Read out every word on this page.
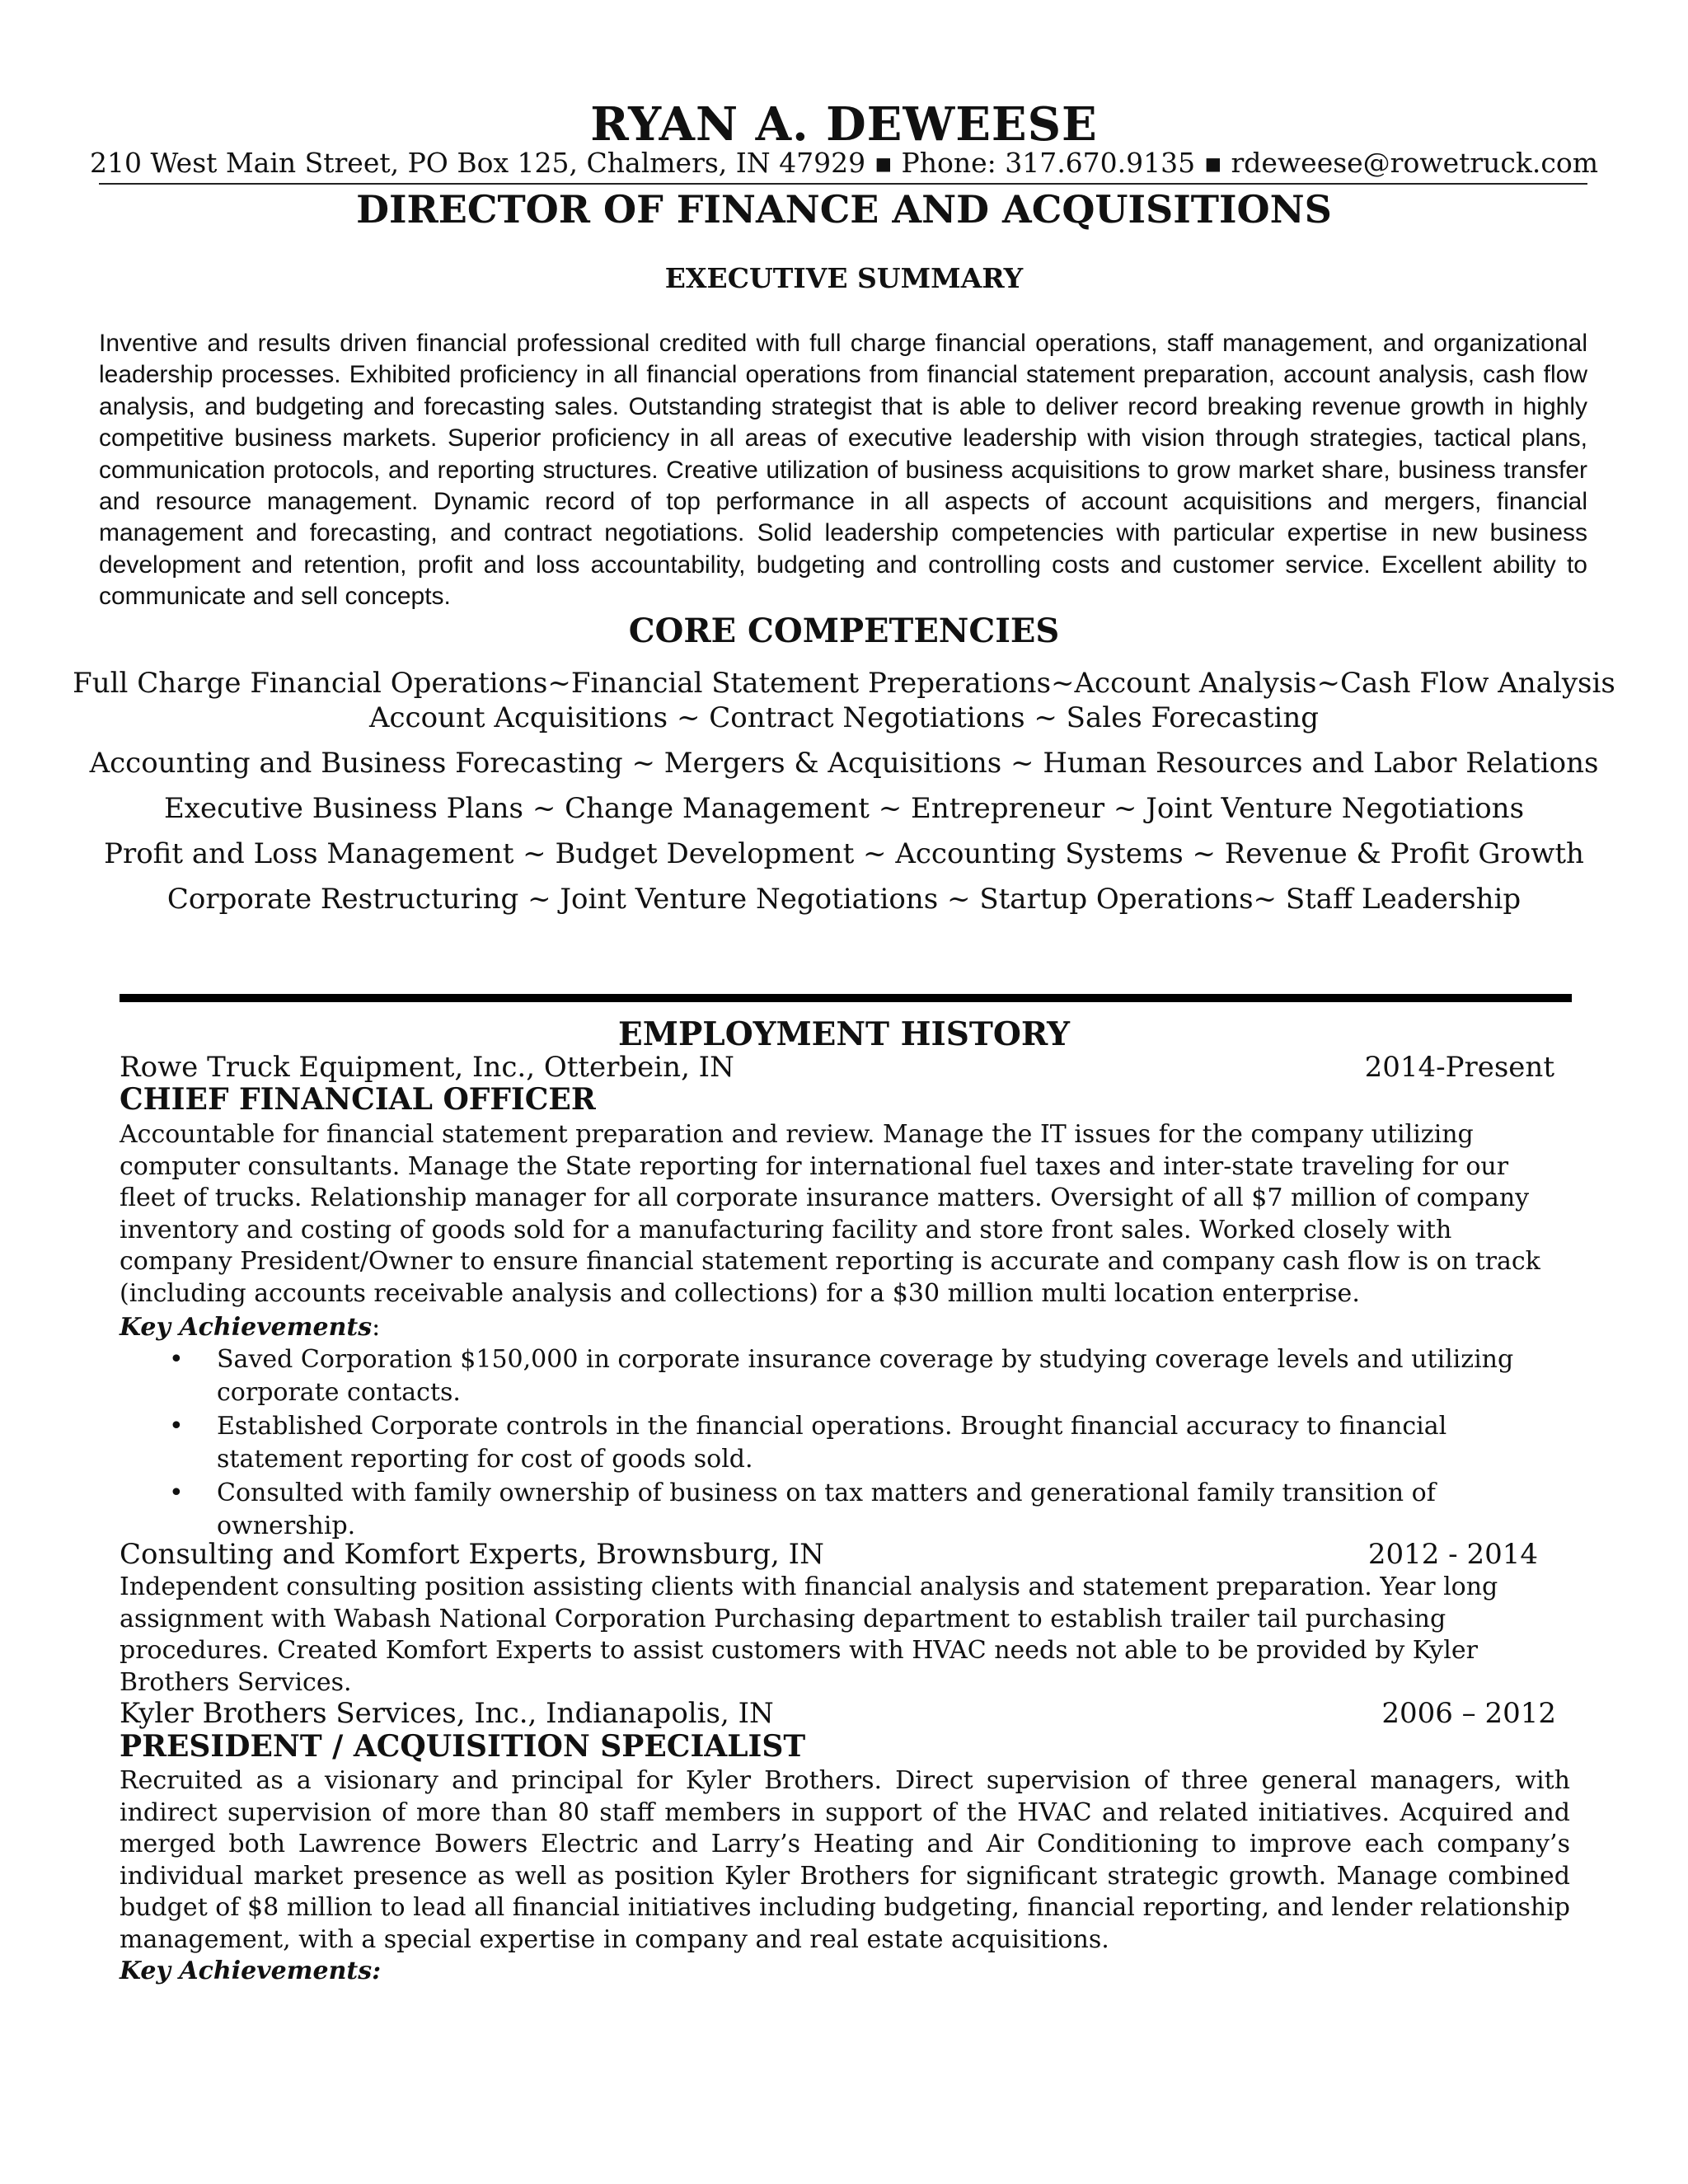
RYAN A. DEWEESE
210 West Main Street, PO Box 125, Chalmers, IN 47929 ▪ Phone: 317.670.9135 ▪ rdeweese@rowetruck.com
DIRECTOR OF FINANCE AND ACQUISITIONS
EXECUTIVE SUMMARY
Inventive and results driven financial professional credited with full charge financial operations, staff management, and organizational leadership processes. Exhibited proficiency in all financial operations from financial statement preparation, account analysis, cash flow analysis, and budgeting and forecasting sales. Outstanding strategist that is able to deliver record breaking revenue growth in highly competitive business markets. Superior proficiency in all areas of executive leadership with vision through strategies, tactical plans, communication protocols, and reporting structures. Creative utilization of business acquisitions to grow market share, business transfer and resource management. Dynamic record of top performance in all aspects of account acquisitions and mergers, financial management and forecasting, and contract negotiations. Solid leadership competencies with particular expertise in new business development and retention, profit and loss accountability, budgeting and controlling costs and customer service. Excellent ability to communicate and sell concepts.
CORE COMPETENCIES
Full Charge Financial Operations~Financial Statement Preperations~Account Analysis~Cash Flow Analysis
Account Acquisitions ~ Contract Negotiations ~ Sales Forecasting
Accounting and Business Forecasting ~ Mergers & Acquisitions ~ Human Resources and Labor Relations
Executive Business Plans ~ Change Management ~ Entrepreneur ~ Joint Venture Negotiations
Profit and Loss Management ~ Budget Development ~ Accounting Systems ~ Revenue & Profit Growth
Corporate Restructuring ~ Joint Venture Negotiations ~ Startup Operations~ Staff Leadership
EMPLOYMENT HISTORY
Rowe Truck Equipment, Inc., Otterbein, IN	2014-Present
CHIEF FINANCIAL OFFICER
Accountable for financial statement preparation and review. Manage the IT issues for the company utilizing computer consultants. Manage the State reporting for international fuel taxes and inter-state traveling for our fleet of trucks. Relationship manager for all corporate insurance matters. Oversight of all $7 million of company inventory and costing of goods sold for a manufacturing facility and store front sales. Worked closely with company President/Owner to ensure financial statement reporting is accurate and company cash flow is on track (including accounts receivable analysis and collections) for a $30 million multi location enterprise.
Key Achievements:
• Saved Corporation $150,000 in corporate insurance coverage by studying coverage levels and utilizing corporate contacts.
• Established Corporate controls in the financial operations. Brought financial accuracy to financial statement reporting for cost of goods sold.
• Consulted with family ownership of business on tax matters and generational family transition of ownership.
Consulting and Komfort Experts, Brownsburg, IN	2012 - 2014
Independent consulting position assisting clients with financial analysis and statement preparation. Year long assignment with Wabash National Corporation Purchasing department to establish trailer tail purchasing procedures. Created Komfort Experts to assist customers with HVAC needs not able to be provided by Kyler Brothers Services.
Kyler Brothers Services, Inc., Indianapolis, IN	2006 – 2012
PRESIDENT / ACQUISITION SPECIALIST
Recruited as a visionary and principal for Kyler Brothers. Direct supervision of three general managers, with indirect supervision of more than 80 staff members in support of the HVAC and related initiatives. Acquired and merged both Lawrence Bowers Electric and Larry’s Heating and Air Conditioning to improve each company’s individual market presence as well as position Kyler Brothers for significant strategic growth. Manage combined budget of $8 million to lead all financial initiatives including budgeting, financial reporting, and lender relationship management, with a special expertise in company and real estate acquisitions.
Key Achievements:
